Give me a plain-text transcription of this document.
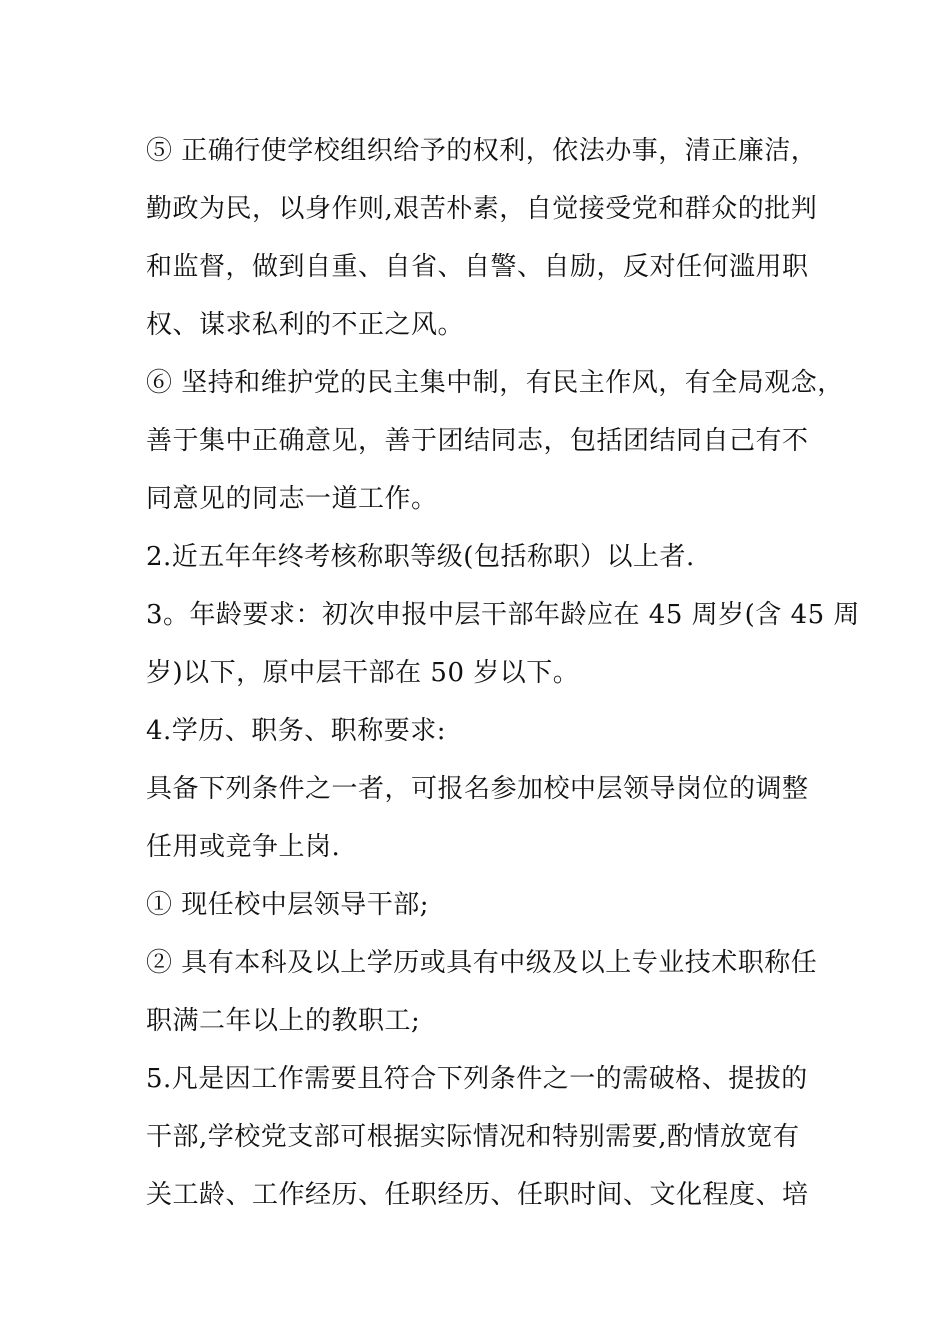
⑤ 正确行使学校组织给予的权利，依法办事，清正廉洁，
勤政为民，以身作则,艰苦朴素，自觉接受党和群众的批判
和监督，做到自重、自省、自警、自励，反对任何滥用职
权、谋求私利的不正之风。
⑥ 坚持和维护党的民主集中制，有民主作风，有全局观念，
善于集中正确意见，善于团结同志，包括团结同自己有不
同意见的同志一道工作。
2.近五年年终考核称职等级(包括称职）以上者.
3。年龄要求：初次申报中层干部年龄应在 45 周岁(含 45 周
岁)以下，原中层干部在 50 岁以下。
4.学历、职务、职称要求:
具备下列条件之一者，可报名参加校中层领导岗位的调整
任用或竞争上岗.
① 现任校中层领导干部;
② 具有本科及以上学历或具有中级及以上专业技术职称任
职满二年以上的教职工;
5.凡是因工作需要且符合下列条件之一的需破格、提拔的
干部,学校党支部可根据实际情况和特别需要,酌情放宽有
关工龄、工作经历、任职经历、任职时间、文化程度、培
